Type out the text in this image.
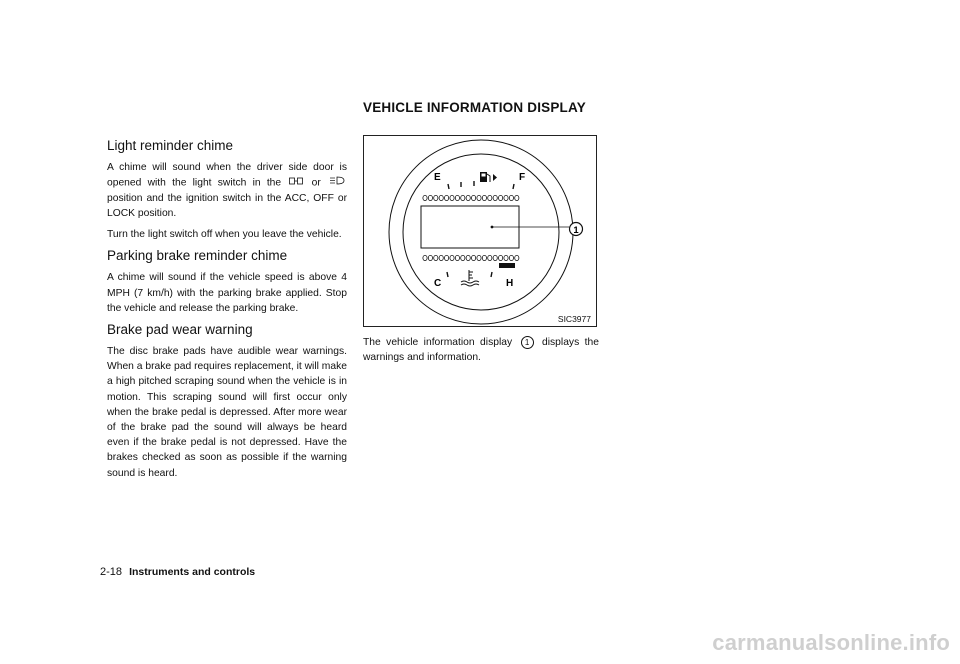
Light reminder chime

A chime will sound when the driver side door is opened with the light switch in the	or  position and the ignition switch in the ACC, OFF or LOCK position.

Turn the light switch off when you leave the vehicle.

Parking brake reminder chime

A chime will sound if the vehicle speed is above 4 MPH (7 km/h) with the parking brake applied. Stop the vehicle and release the parking brake.

Brake pad wear warning

The disc brake pads have audible wear warnings. When a brake pad requires replacement, it will make a high pitched scraping sound when the vehicle is in motion. This scraping sound will first occur only when the brake pedal is depressed. After more wear of the brake pad the sound will always be heard even if the brake pedal is not depressed. Have the brakes checked as soon as possible if the warning sound is heard.

VEHICLE INFORMATION DISPLAY
E	F
1
C	H
SIC3977

The vehicle information display 1 displays the warnings and information.

2-18 Instruments and controls
carmanualsonline.info
